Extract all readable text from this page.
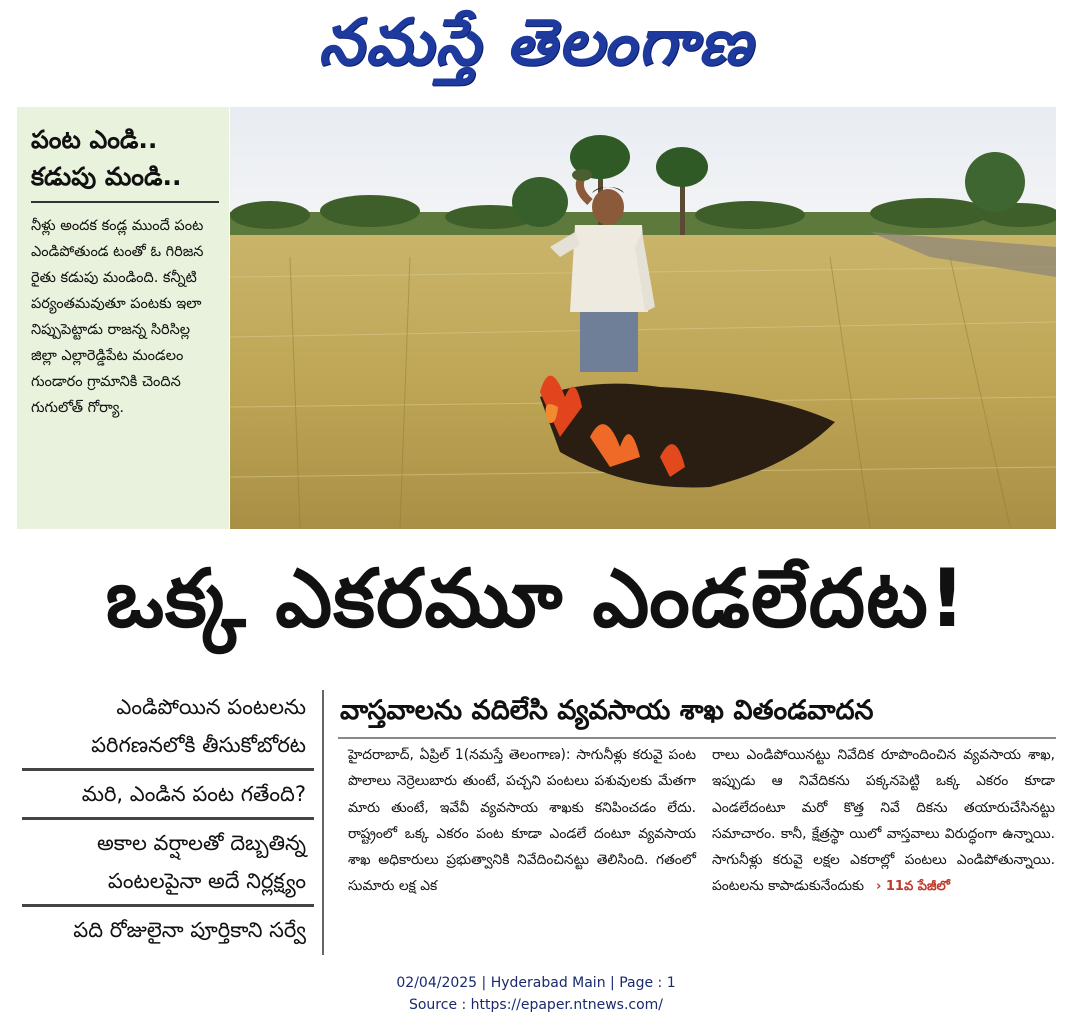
నమస్తే తెలంగాణ
పంట ఎండి..
కడుపు మండి..

నీళ్లు అందక కండ్ల ముందే పంట ఎండిపోతుండ టంతో ఓ గిరిజన రైతు కడుపు మండింది. కన్నీటి పర్యంతమవుతూ పంటకు ఇలా నిప్పుపెట్టాడు రాజన్న సిరిసిల్ల జిల్లా ఎల్లారెడ్డిపేట మండలం గుండారం గ్రామానికి చెందిన గుగులోత్ గోర్యా.

ఒక్క ఎకరమూ ఎండలేదట!
ఎండిపోయిన పంటలను
పరిగణనలోకి తీసుకోబోరట
మరి, ఎండిన పంట గతేంది?
అకాల వర్షాలతో దెబ్బతిన్న
పంటలపైనా అదే నిర్లక్ష్యం
పది రోజులైనా పూర్తికాని సర్వే
వాస్తవాలను వదిలేసి వ్యవసాయ శాఖ వితండవాదన

హైదరాబాద్, ఏప్రిల్ 1(నమస్తే తెలంగాణ): సాగునీళ్లు కరువై పంట పొలాలు నెర్రెలుబారు తుంటే, పచ్చని పంటలు పశువులకు మేతగా మారు తుంటే, ఇవేవీ వ్యవసాయ శాఖకు కనిపించడం లేదు. రాష్ట్రంలో ఒక్క ఎకరం పంట కూడా ఎండలే దంటూ వ్యవసాయ శాఖ అధికారులు ప్రభుత్వానికి నివేదించినట్టు తెలిసింది. గతంలో సుమారు లక్ష ఎక

రాలు ఎండిపోయినట్టు నివేదిక రూపొందించిన వ్యవసాయ శాఖ, ఇప్పుడు ఆ నివేదికను పక్కనపెట్టి ఒక్క ఎకరం కూడా ఎండలేదంటూ మరో కొత్త నివే దికను తయారుచేసినట్టు సమాచారం. కానీ, క్షేత్రస్థా యిలో వాస్తవాలు విరుద్ధంగా ఉన్నాయి. సాగునీళ్లు కరువై లక్షల ఎకరాల్లో పంటలు ఎండిపోతున్నాయి. పంటలను కాపాడుకునేందుకు › 11వ పేజీలో

02/04/2025 | Hyderabad Main | Page : 1
Source : https://epaper.ntnews.com/
